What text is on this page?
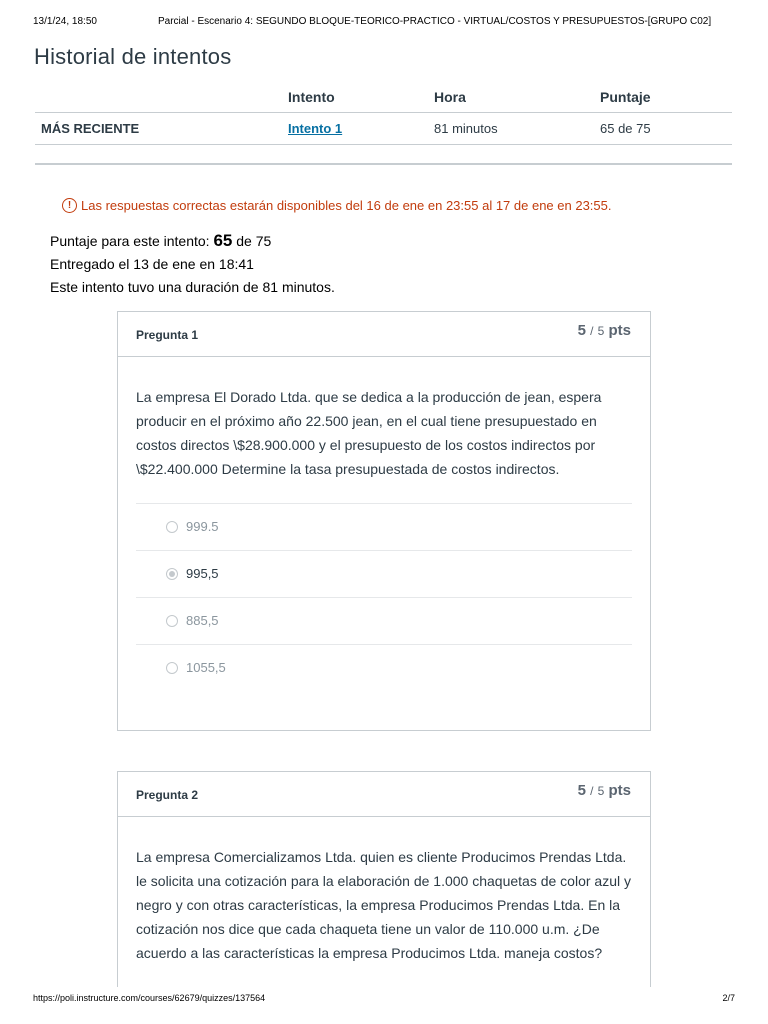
13/1/24, 18:50	Parcial - Escenario 4: SEGUNDO BLOQUE-TEORICO-PRACTICO - VIRTUAL/COSTOS Y PRESUPUESTOS-[GRUPO C02]
Historial de intentos
	Intento	Hora	Puntaje
MÁS RECIENTE	Intento 1	81 minutos	65 de 75

! Las respuestas correctas estarán disponibles del 16 de ene en 23:55 al 17 de ene en 23:55.
Puntaje para este intento: 65 de 75
Entregado el 13 de ene en 18:41
Este intento tuvo una duración de 81 minutos.
Pregunta 1	5 / 5 pts
La empresa El Dorado Ltda. que se dedica a la producción de jean, espera producir en el próximo año 22.500 jean, en el cual tiene presupuestado en costos directos \$28.900.000 y el presupuesto de los costos indirectos por \$22.400.000 Determine la tasa presupuestada de costos indirectos.
999.5
995,5
885,5
1055,5
Pregunta 2	5 / 5 pts
La empresa Comercializamos Ltda. quien es cliente Producimos Prendas Ltda. le solicita una cotización para la elaboración de 1.000 chaquetas de color azul y negro y con otras características, la empresa Producimos Prendas Ltda. En la cotización nos dice que cada chaqueta tiene un valor de 110.000 u.m. ¿De acuerdo a las características la empresa Producimos Ltda. maneja costos?
https://poli.instructure.com/courses/62679/quizzes/137564	2/7
